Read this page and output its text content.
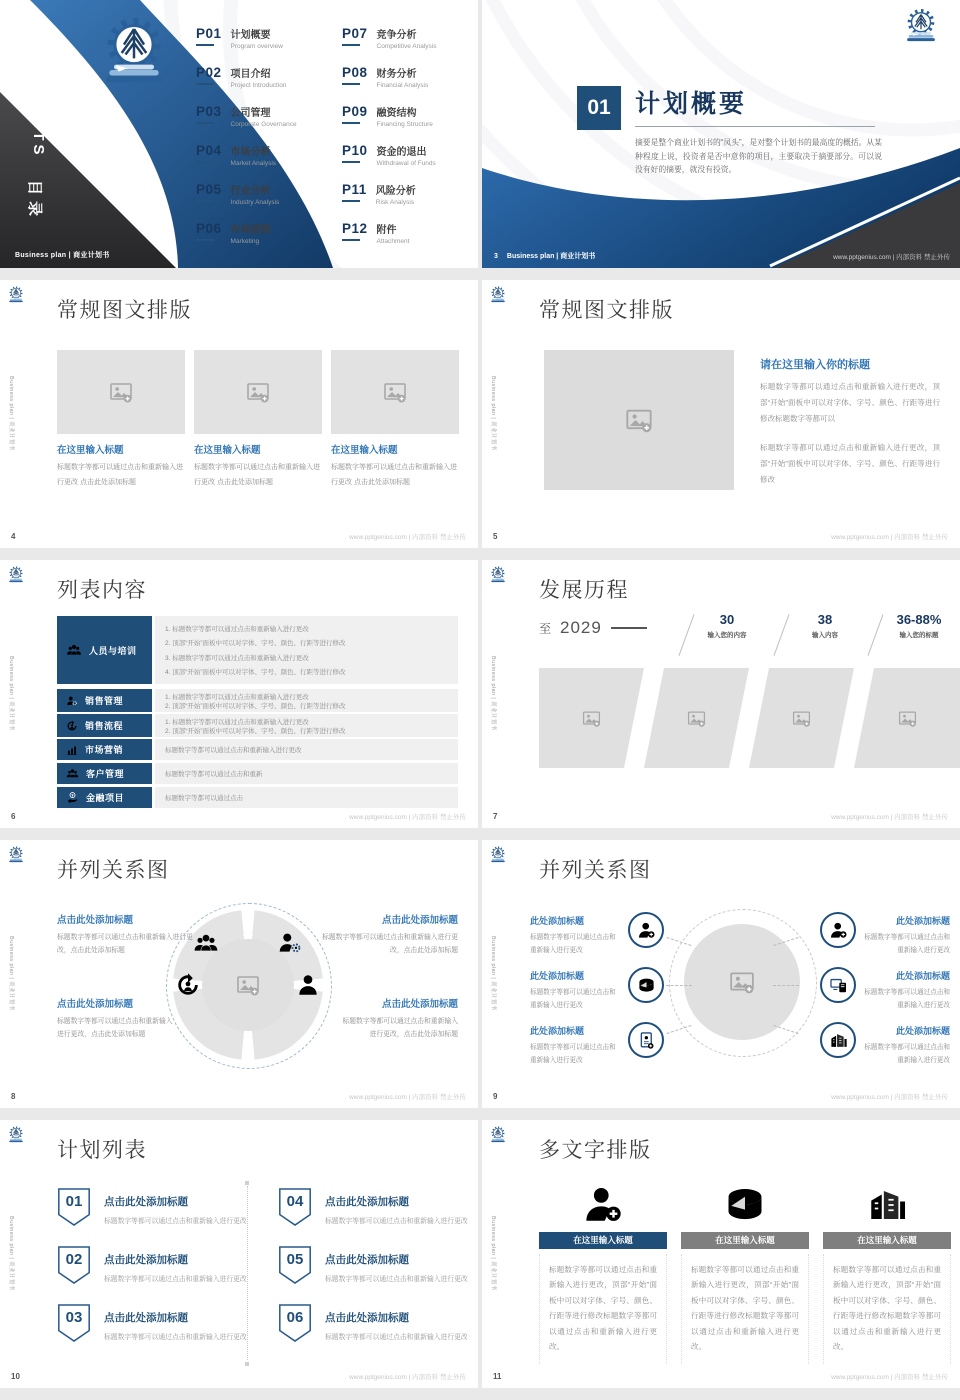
CONTENTS
目录
P01 计划概要
Program overview
P02 项目介绍
Project Introduction
P03 公司管理
Corporate Governance
P04 市场分析
Market Analysis
P05 行业分析
Industry Analysis
P06 市场营销
Marketing
P07 竞争分析
Competitive Analysis
P08 财务分析
Financial Analysis
P09 融资结构
Financing Structure
P10 资金的退出
Withdrawal of Funds
P11 风险分析
Risk Analysis
P12 附件
Attachment
Business plan | 商业计划书
01 计划概要
摘要是整个商业计划书的“凤头”，是对整个计划书的最高度的概括。从某种程度上说，投资者是否中意你的项目，主要取决于摘要部分。可以说没有好的摘要，就没有投资。
3 Business plan | 商业计划书	www.pptgenius.com | 内部资料 禁止外传
Business plan | 商业计划书
常规图文排版
在这里输入标题
标题数字等都可以通过点击和重新输入进行更改 点击此处添加标题
在这里输入标题
标题数字等都可以通过点击和重新输入进行更改 点击此处添加标题
在这里输入标题
标题数字等都可以通过点击和重新输入进行更改 点击此处添加标题
4	www.pptgenius.com | 内部资料 禁止外传
Business plan | 商业计划书
常规图文排版
请在这里输入你的标题
标题数字等都可以通过点击和重新输入进行更改，顶部“开始”面板中可以对字体、字号、颜色、行距等进行修改标题数字等都可以
标题数字等都可以通过点击和重新输入进行更改，顶部“开始”面板中可以对字体、字号、颜色、行距等进行修改
5	www.pptgenius.com | 内部资料 禁止外传
Business plan | 商业计划书
列表内容
人员与培训
1. 标题数字等都可以通过点击和重新输入进行更改
2. 顶部“开始”面板中可以对字体、字号、颜色、行距等进行修改
3. 标题数字等都可以通过点击和重新输入进行更改
4. 顶部“开始”面板中可以对字体、字号、颜色、行距等进行修改
销售管理	1. 标题数字等都可以通过点击和重新输入进行更改
2. 顶部“开始”面板中可以对字体、字号、颜色、行距等进行修改
销售流程	1. 标题数字等都可以通过点击和重新输入进行更改
2. 顶部“开始”面板中可以对字体、字号、颜色、行距等进行修改
市场营销	标题数字等都可以通过点击和重新输入进行更改
客户管理	标题数字等都可以通过点击和重新
金融项目	标题数字等都可以通过点击
6	www.pptgenius.com | 内部资料 禁止外传
Business plan | 商业计划书
发展历程
至 2029	30
输入您的内容
38
输入内容
36-88%
输入您的标题
7	www.pptgenius.com | 内部资料 禁止外传
Business plan | 商业计划书
并列关系图
点击此处添加标题
标题数字等都可以通过点击和重新输入进行更改，点击此处添加标题
点击此处添加标题
标题数字等都可以通过点击和重新输入进行更改，点击此处添加标题
点击此处添加标题
标题数字等都可以通过点击和重新输入进行更改，点击此处添加标题
点击此处添加标题
标题数字等都可以通过点击和重新输入进行更改，点击此处添加标题
8	www.pptgenius.com | 内部资料 禁止外传
Business plan | 商业计划书
并列关系图
此处添加标题
标题数字等都可以通过点击和重新输入进行更改
此处添加标题
标题数字等都可以通过点击和重新输入进行更改
此处添加标题
标题数字等都可以通过点击和重新输入进行更改
此处添加标题
标题数字等都可以通过点击和重新输入进行更改
此处添加标题
标题数字等都可以通过点击和重新输入进行更改
此处添加标题
标题数字等都可以通过点击和重新输入进行更改
9	www.pptgenius.com | 内部资料 禁止外传
Business plan | 商业计划书
计划列表
01	点击此处添加标题
标题数字等都可以通过点击和重新输入进行更改
02	点击此处添加标题
标题数字等都可以通过点击和重新输入进行更改
03	点击此处添加标题
标题数字等都可以通过点击和重新输入进行更改
04	点击此处添加标题
标题数字等都可以通过点击和重新输入进行更改
05	点击此处添加标题
标题数字等都可以通过点击和重新输入进行更改
06	点击此处添加标题
标题数字等都可以通过点击和重新输入进行更改
10	www.pptgenius.com | 内部资料 禁止外传
Business plan | 商业计划书
多文字排版
在这里输入标题
标题数字等都可以通过点击和重新输入进行更改，顶部“开始”面板中可以对字体、字号、颜色、行距等进行修改标题数字等都可以通过点击和重新输入进行更改。
在这里输入标题
标题数字等都可以通过点击和重新输入进行更改，顶部“开始”面板中可以对字体、字号、颜色、行距等进行修改标题数字等都可以通过点击和重新输入进行更改。
在这里输入标题
标题数字等都可以通过点击和重新输入进行更改，顶部“开始”面板中可以对字体、字号、颜色、行距等进行修改标题数字等都可以通过点击和重新输入进行更改。
11	www.pptgenius.com | 内部资料 禁止外传
